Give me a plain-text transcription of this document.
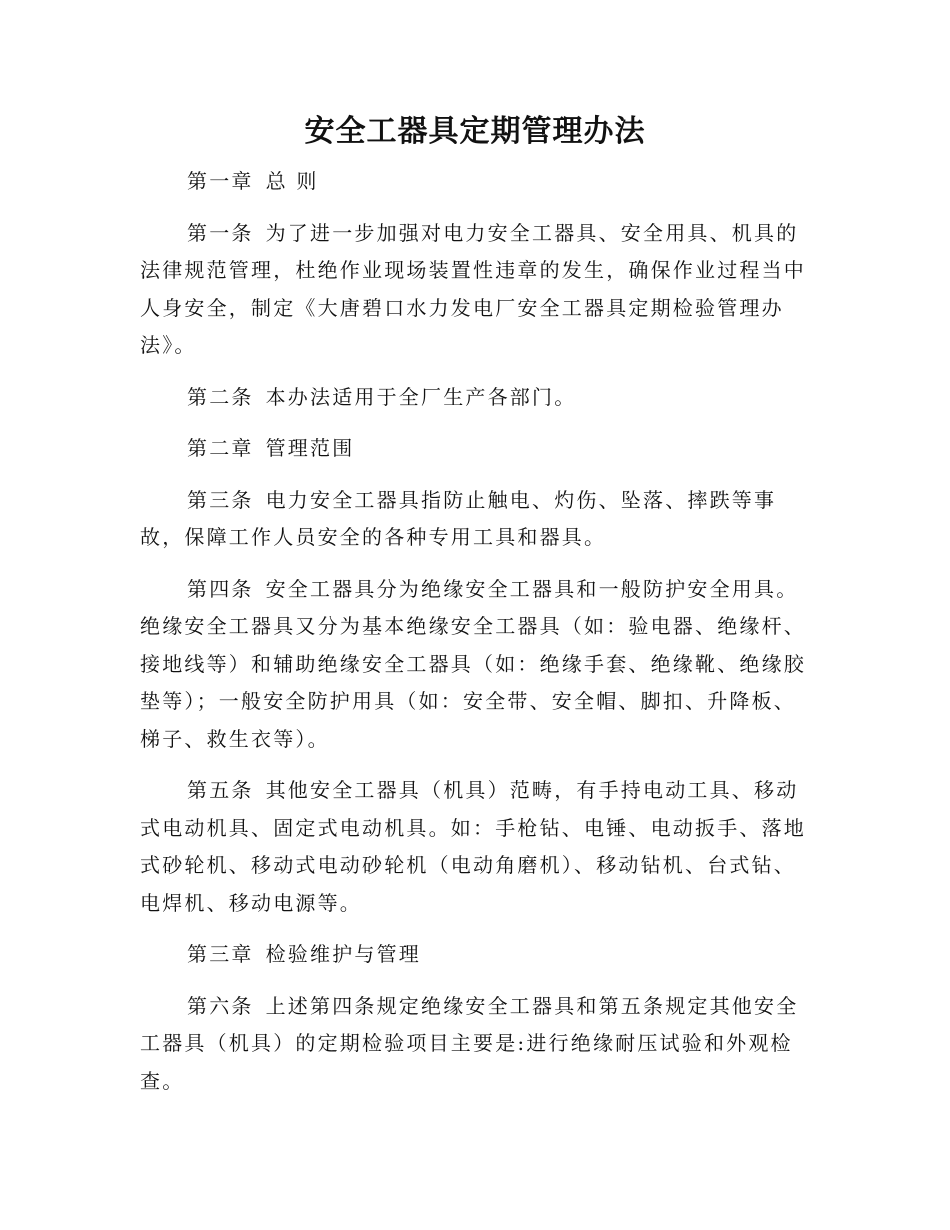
安全工器具定期管理办法

第一章 总 则

第一条 为了进一步加强对电力安全工器具、安全用具、机具的法律规范管理，杜绝作业现场装置性违章的发生，确保作业过程当中人身安全，制定《大唐碧口水力发电厂安全工器具定期检验管理办法》。

第二条 本办法适用于全厂生产各部门。

第二章 管理范围

第三条 电力安全工器具指防止触电、灼伤、坠落、摔跌等事故，保障工作人员安全的各种专用工具和器具。

第四条 安全工器具分为绝缘安全工器具和一般防护安全用具。绝缘安全工器具又分为基本绝缘安全工器具（如：验电器、绝缘杆、接地线等）和辅助绝缘安全工器具（如：绝缘手套、绝缘靴、绝缘胶垫等）；一般安全防护用具（如：安全带、安全帽、脚扣、升降板、梯子、救生衣等）。

第五条 其他安全工器具（机具）范畴，有手持电动工具、移动式电动机具、固定式电动机具。如：手枪钻、电锤、电动扳手、落地式砂轮机、移动式电动砂轮机（电动角磨机）、移动钻机、台式钻、电焊机、移动电源等。

第三章 检验维护与管理

第六条 上述第四条规定绝缘安全工器具和第五条规定其他安全工器具（机具）的定期检验项目主要是:进行绝缘耐压试验和外观检查。
